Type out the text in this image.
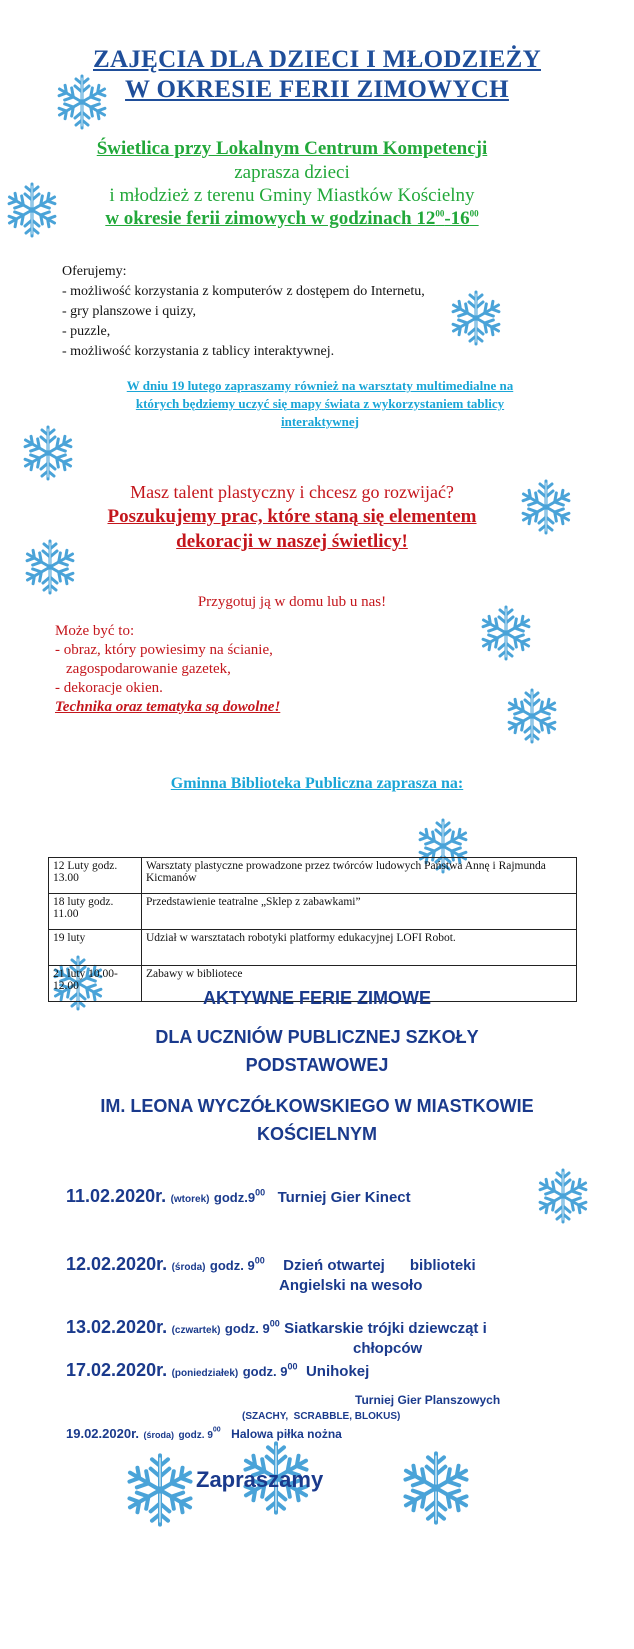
ZAJĘCIA DLA DZIECI I MŁODZIEŻY
W OKRESIE FERII ZIMOWYCH
Świetlica przy Lokalnym Centrum Kompetencji
zaprasza dzieci
i młodzież z terenu Gminy Miastków Kościelny
w okresie ferii zimowych w godzinach $12^{00}-16^{00}$
Oferujemy:
- możliwość korzystania z komputerów z dostępem do Internetu,
- gry planszowe i quizy,
- puzzle,
- możliwość korzystania z tablicy interaktywnej.
W dniu 19 lutego zapraszamy również na warsztaty multimedialne na
których będziemy uczyć się mapy świata z wykorzystaniem tablicy
interaktywnej
Masz talent plastyczny i chcesz go rozwijać?
Poszukujemy prac, które staną się elementem
dekoracji w naszej świetlicy!
Przygotuj ją w domu lub u nas!
Może być to:
- obraz, który powiesimy na ścianie,
zagospodarowanie gazetek,
- dekoracje okien.
Technika oraz tematyka są dowolne!
Gminna Biblioteka Publiczna zaprasza na:
12 Luty godz. 13.00	Warsztaty plastyczne prowadzone przez twórców ludowych Państwa Annę i Rajmunda Kicmanów
18 luty godz. 11.00	Przedstawienie teatralne „Sklep z zabawkami”
19 luty	Udział w warsztatach robotyki platformy edukacyjnej LOFI Robot.
21 luty 10.00-12.00	Zabawy w bibliotece
AKTYWNE FERIE ZIMOWE
DLA UCZNIÓW PUBLICZNEJ SZKOŁY
PODSTAWOWEJ
IM. LEONA WYCZÓŁKOWSKIEGO W MIASTKOWIE
KOŚCIELNYM
11.02.2020r. (wtorek) $godz.9^{00}$ Turniej Gier Kinect
12.02.2020r. (środa) godz. $9^{00}$ Dzień otwartej      biblioteki
Angielski na wesoło
13.02.2020r. (czwartek) godz. $9^{00}$ Siatkarskie trójki dziewcząt i
chłopców
17.02.2020r. (poniedziałek) godz. $9^{00}$ Unihokej
Turniej Gier Planszowych
(SZACHY,  SCRABBLE, BLOKUS)
19.02.2020r. (środa) godz. $9^{00}$ Halowa piłka nożna
Zapraszamy
